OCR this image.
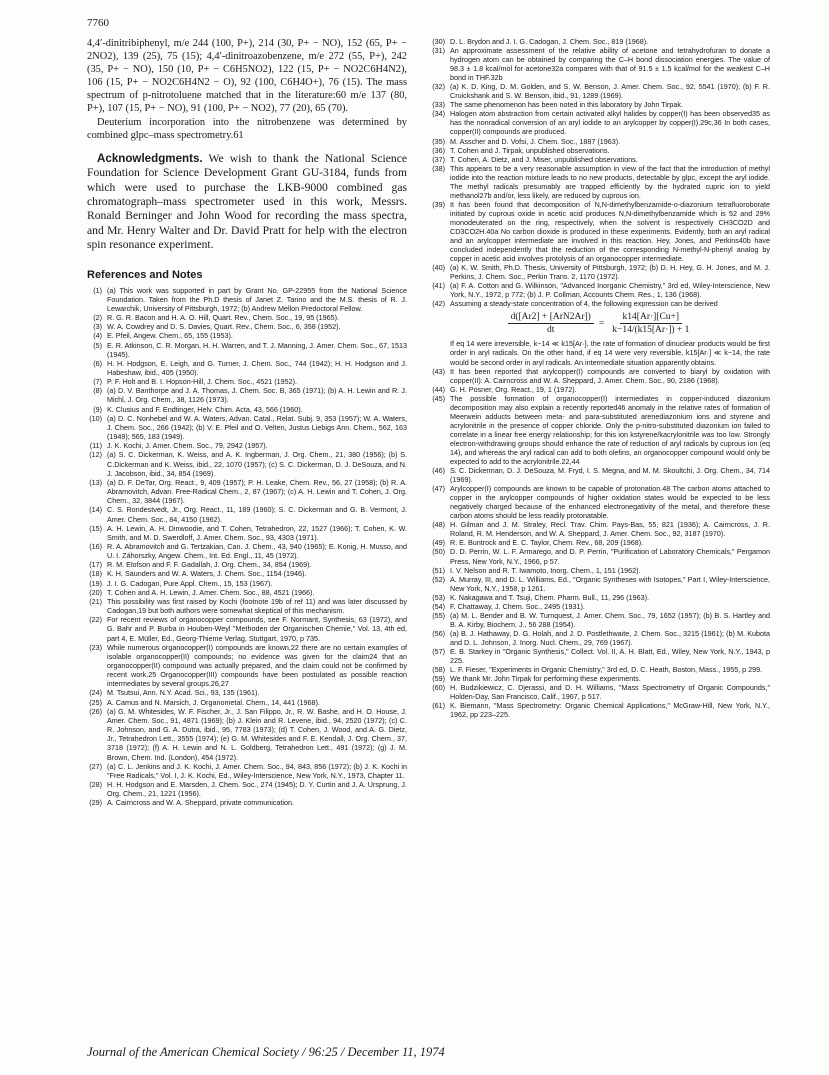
7760

4,4′-dinitribiphenyl, m/e 244 (100, P+), 214 (30, P+ − NO), 152 (65, P+ − 2NO2), 139 (25), 75 (15); 4,4′-dinitroazobenzene, m/e 272 (55, P+), 242 (35, P+ − NO), 150 (10, P+ − C6H5NO2), 122 (15, P+ − NO2C6H4N2), 106 (15, P+ − NO2C6H4N2 − O), 92 (100, C6H4O+), 76 (15). The mass spectrum of p-nitrotoluene matched that in the literature:60 m/e 137 (80, P+), 107 (15, P+ − NO), 91 (100, P+ − NO2), 77 (20), 65 (70).

Deuterium incorporation into the nitrobenzene was determined by combined glpc–mass spectrometry.61

Acknowledgments. We wish to thank the National Science Foundation for Science Development Grant GU-3184, funds from which were used to purchase the LKB-9000 combined gas chromatograph–mass spectrometer used in this work, Messrs. Ronald Berninger and John Wood for recording the mass spectra, and Mr. Henry Walter and Dr. David Pratt for help with the electron spin resonance experiment.

References and Notes
(1) (a) This work was supported in part by Grant No. GP-22955 from the National Science Foundation. Taken from the Ph.D thesis of Janet Z. Tarino and the M.S. thesis of R. J. Lewarchik, University of Pittsburgh, 1972; (b) Andrew Mellon Predoctoral Fellow.
(2) R. G. R. Bacon and H. A. O. Hill, Quart. Rev., Chem. Soc., 19, 95 (1965).
(3) W. A. Cowdrey and D. S. Davies, Quart. Rev., Chem. Soc., 6, 358 (1952).
(4) E. Pfeil, Angew. Chem., 65, 155 (1953).
(5) E. R. Atkinson, C. R. Morgan, H. H. Warren, and T. J. Manning, J. Amer. Chem. Soc., 67, 1513 (1945).
(6) H. H. Hodgson, E. Leigh, and G. Turner, J. Chem. Soc., 744 (1942); H. H. Hodgson and J. Habeshaw, ibid., 405 (1950).
(7) P. F. Holt and B. I. Hopson-Hill, J. Chem. Soc., 4521 (1952).
(8) (a) D. V. Banthorpe and J. A. Thomas, J. Chem. Soc. B, 365 (1971); (b) A. H. Lewin and R. J. Michl, J. Org. Chem., 38, 1126 (1973).
(9) K. Clusius and F. Endtinger, Helv. Chim. Acta, 43, 566 (1960).
(10) (a) D. C. Nonhebel and W. A. Waters, Advan. Catal., Relat. Subj. 9, 353 (1957); W. A. Waters, J. Chem. Soc., 266 (1942); (b) V. E. Pfeil and O. Velten, Justus Liebigs Ann. Chem., 562, 163 (1949); 565, 183 (1949).
(11) J. K. Kochi, J. Amer. Chem. Soc., 79, 2942 (1957).
(12) (a) S. C. Dickerman, K. Weiss, and A. K. Ingberman, J. Org. Chem., 21, 380 (1956); (b) S. C.Dickerman and K. Weiss, ibid., 22, 1070 (1957); (c) S. C. Dickerman, D. J. DeSouza, and N. J. Jacobson, ibid., 34, 854 (1969).
(13) (a) D. F. DeTar, Org. React., 9, 409 (1957); P. H. Leake, Chem. Rev., 56, 27 (1958); (b) R. A. Abramovitch, Advan. Free-Radical Chem., 2, 87 (1967); (c) A. H. Lewin and T. Cohen, J. Org. Chem., 32, 3844 (1967).
(14) C. S. Rondestvedt, Jr., Org. React., 11, 189 (1960); S. C. Dickerman and G. B. Vermont, J. Amer. Chem. Soc., 84, 4150 (1962).
(15) A. H. Lewin, A. H. Dinwoodie, and T. Cohen, Tetrahedron, 22, 1527 (1966); T. Cohen, K. W. Smith, and M. D. Swerdloff, J. Amer. Chem. Soc., 93, 4303 (1971).
(16) R. A. Abramovitch and G. Tertzakian, Can. J. Chem., 43, 940 (1965); E. Konig, H. Musso, and U. I. Záhorszky, Angew. Chem., Int. Ed. Engl., 11, 45 (1972).
(17) R. M. Elofson and F. F. Gadallah, J. Org. Chem., 34, 854 (1969).
(18) K. H. Saunders and W. A. Waters, J. Chem. Soc., 1154 (1946).
(19) J. I. G. Cadogan, Pure Appl. Chem., 15, 153 (1967).
(20) T. Cohen and A. H. Lewin, J. Amer. Chem. Soc., 88, 4521 (1966).
(21) This possibility was first raised by Kochi (footnote 19b of ref 11) and was later discussed by Cadogan,19 but both authors were somewhat skeptical of this mechanism.
(22) For recent reviews of organocopper compounds, see F. Normant, Synthesis, 63 (1972), and G. Bahr and P. Burba in Houben-Weyl "Methoden der Organischen Chemie," Vol. 13, 4th ed, part 4, E. Müller, Ed., Georg-Thieme Verlag, Stuttgart, 1970, p 735.
(23) While numerous organocopper(I) compounds are known,22 there are no certain examples of isolable organocopper(II) compounds; no evidence was given for the claim24 that an organocopper(II) compound was actually prepared, and the claim could not be confirmed by recent work.25 Organocopper(III) compounds have been postulated as possible reaction intermediates by several groups.26,27
(24) M. Tsutsui, Ann. N.Y. Acad. Sci., 93, 135 (1961).
(25) A. Camus and N. Marsich, J. Organometal. Chem., 14, 441 (1968).
(26) (a) G. M. Whitesides, W. F. Fischer, Jr., J. San Filippo, Jr., R. W. Bashe, and H. O. House, J. Amer. Chem. Soc., 91, 4871 (1969); (b) J. Klein and R. Levene, ibid., 94, 2520 (1972); (c) C. R. Johnson, and G. A. Dutra, ibid., 95, 7783 (1973); (d) T. Cohen, J. Wood, and A. G. Dietz, Jr., Tetrahedron Lett., 3555 (1974); (e) G. M. Whitesides and F. E. Kendall, J. Org. Chem., 37, 3718 (1972); (f) A. H. Lewin and N. L. Goldberg, Tetrahedron Lett., 491 (1972); (g) J. M. Brown, Chem. Ind. (London), 454 (1972).
(27) (a) C. L. Jenkins and J. K. Kochi, J. Amer. Chem. Soc., 94, 843, 856 (1972); (b) J. K. Kochi in "Free Radicals," Vol. I, J. K. Kochi, Ed., Wiley-Interscience, New York, N.Y., 1973, Chapter 11.
(28) H. H. Hodgson and E. Marsden, J. Chem. Soc., 274 (1945); D. Y. Curtin and J. A. Ursprung, J. Org. Chem., 21, 1221 (1956).
(29) A. Cairncross and W. A. Sheppard, private communication.
(30) D. L. Brydon and J. I. G. Cadogan, J. Chem. Soc., 819 (1968).
(31) An approximate assessment of the relative ability of acetone and tetrahydrofuran to donate a hydrogen atom can be obtained by comparing the C–H bond dissociation energies. The value of 98.3 ± 1.8 kcal/mol for acetone32a compares with that of 91.5 ± 1.5 kcal/mol for the weakest C–H bond in THF.32b
(32) (a) K. D. King, D. M. Golden, and S. W. Benson, J. Amer. Chem. Soc., 92, 5541 (1970); (b) F. R. Cruickshank and S. W. Benson, ibid., 91, 1289 (1969).
(33) The same phenomenon has been noted in this laboratory by John Tirpak.
(34) Halogen atom abstraction from certain activated alkyl halides by copper(I) has been observed35 as has the nonradical conversion of an aryl iodide to an arylcopper by copper(I).29c,36 In both cases, copper(II) compounds are produced.
(35) M. Asscher and D. Vofsi, J. Chem. Soc., 1887 (1963).
(36) T. Cohen and J. Tirpak, unpublished observations.
(37) T. Cohen, A. Dietz, and J. Miser, unpublished observations.
(38) This appears to be a very reasonable assumption in view of the fact that the introduction of methyl iodide into the reaction mixture leads to no new products, detectable by glpc, except the aryl iodide. The methyl radicals presumably are trapped efficiently by the hydrated cupric ion to yield methanol27b and/or, less likely, are reduced by cuprous ion.
(39) It has been found that decomposition of N,N-dimethylbenzamide-o-diazonium tetrafluoroborate initiated by cuprous oxide in acetic acid produces N,N-dimethylbenzamide which is 52 and 29% monodeuterated on the ring, respectively, when the solvent is respectively CH3CO2D and CD3CO2H.40a No carbon dioxide is produced in these experiments. Evidently, both an aryl radical and an arylcopper intermediate are involved in this reaction. Hey, Jones, and Perkins40b have concluded independently that the reduction of the corresponding N-methyl-N-phenyl analog by copper in acetic acid involves protolysis of an organocopper intermediate.
(40) (a) K. W. Smith, Ph.D. Thesis, University of Pittsburgh, 1972; (b) D. H. Hey, G. H. Jones, and M. J. Perkins, J. Chem. Soc., Perkin Trans. 2, 1170 (1972).
(41) (a) F. A. Cotton and G. Wilkinson, "Advanced Inorganic Chemistry," 3rd ed, Wiley-Interscience, New York, N.Y., 1972, p 772; (b) J. P. Collman, Accounts Chem. Res., 1, 136 (1968).
(42) Assuming a steady-state concentration of 4, the following expression can be derived
$\frac{\text{d([Ar2] + [ArN2Ar])}}{dt} = \frac{k14[Ar\cdot][Cu+]}{k-14/(k15[Ar\cdot]) + 1}$
If eq 14 were irreversible, k−14 ≪ k15[Ar·], the rate of formation of dinuclear products would be first order in aryl radicals. On the other hand, if eq 14 were very reversible, k15[Ar·] ≪ k−14, the rate would be second order in aryl radicals. An intermediate situation apparently obtains.
(43) It has been reported that arylcopper(I) compounds are converted to biaryl by oxidation with copper(II): A. Cairncross and W. A. Sheppard, J. Amer. Chem. Soc., 90, 2186 (1968).
(44) G. H. Posner, Org. React., 19, 1 (1972).
(45) The possible formation of organocopper(I) intermediates in copper-induced diazonium decomposition may also explain a recently reported46 anomaly in the relative rates of formation of Meerwein adducts between meta- and para-substituted arenediazonium ions and styrene and acrylonitrile in the presence of copper chloride. Only the p-nitro-substituted diazonium ion failed to correlate in a linear free energy relationship; for this ion kstyrene/kacrylonitrile was too low. Strongly electron-withdrawing groups should enhance the rate of reduction of aryl radicals by cuprous ion (eq 14), and whereas the aryl radical can add to both olefins, an organocopper compound would only be expected to add to the acrylonitrile.22,44
(46) S. C. Dickerman, D. J. DeSouza, M. Fryd, I. S. Megna, and M. M. Skoultchi, J. Org. Chem., 34, 714 (1969).
(47) Arylcopper(I) compounds are known to be capable of protonation.48 The carbon atoms attached to copper in the arylcopper compounds of higher oxidation states would be expected to be less negatively charged because of the enhanced electronegativity of the metal, and therefore these carbon atoms should be less readily protonatable.
(48) H. Gilman and J. M. Straley, Recl. Trav. Chim. Pays-Bas, 55, 821 (1936); A. Cairncross, J. R. Roland, R. M. Henderson, and W. A. Sheppard, J. Amer. Chem. Soc., 92, 3187 (1970).
(49) R. E. Buntrock and E. C. Taylor, Chem. Rev., 68, 209 (1968).
(50) D. D. Perrin, W. L. F. Armarego, and D. P. Perrin, "Purification of Laboratory Chemicals," Pergamon Press, New York, N.Y., 1966, p 57.
(51) I. V. Nelson and R. T. Iwamoto, Inorg. Chem., 1, 151 (1962).
(52) A. Murray, III, and D. L. Williams, Ed., "Organic Syntheses with Isotopes," Part I, Wiley-Interscience, New York, N.Y., 1958, p 1261.
(53) K. Nakagawa and T. Tsuji, Chem. Pharm. Bull., 11, 296 (1963).
(54) F. Chattaway, J. Chem. Soc., 2495 (1931).
(55) (a) M. L. Bender and B. W. Turnquest, J. Amer. Chem. Soc., 79, 1652 (1957); (b) B. S. Hartley and B. A. Kirby, Biochem. J., 56 288 (1954).
(56) (a) B. J. Hathaway, D. G. Holah, and J. D. Postlethwaite, J. Chem. Soc., 3215 (1961); (b) M. Kubota and D. L. Johnson, J. Inorg. Nucl. Chem., 29, 769 (1967).
(57) E. B. Starkey in "Organic Synthesis," Collect. Vol. II, A. H. Blatt, Ed., Wiley, New York, N.Y., 1943, p 225.
(58) L. F. Fieser, "Experiments in Organic Chemistry," 3rd ed, D. C. Heath, Boston, Mass., 1955, p 299.
(59) We thank Mr. John Tirpak for performing these experiments.
(60) H. Budzikiewicz, C. Djerassi, and D. H. Williams, "Mass Spectrometry of Organic Compounds," Holden-Day, San Francisco, Calif., 1967, p 517.
(61) K. Biemann, "Mass Spectrometry: Organic Chemical Applications," McGraw-Hill, New York, N.Y., 1962, pp 223–225.
Journal of the American Chemical Society / 96:25 / December 11, 1974
